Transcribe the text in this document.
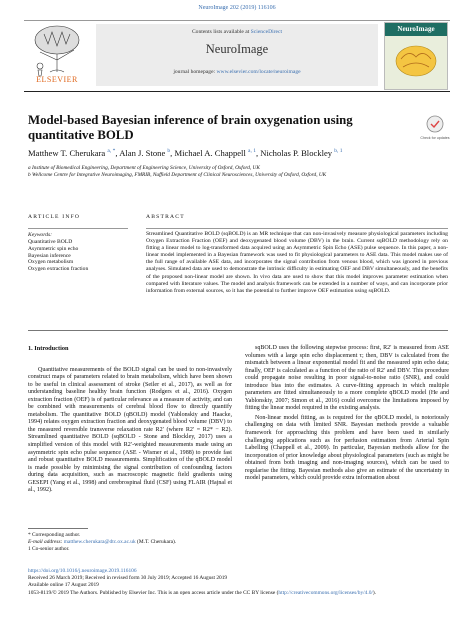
NeuroImage 202 (2019) 116106
ELSEVIER
Contents lists available at ScienceDirect
NeuroImage
journal homepage: www.elsevier.com/locate/neuroimage
NeuroImage
Model-based Bayesian inference of brain oxygenation using quantitative BOLD	Check for updates
Matthew T. Cherukara $^{a, *}$, Alan J. Stone $^b$, Michael A. Chappell $^{a, 1}$, Nicholas P. Blockley $^{b, 1}$
a Institute of Biomedical Engineering, Department of Engineering Science, University of Oxford, Oxford, UK
b Wellcome Centre for Integrative Neuroimaging, FMRIB, Nuffield Department of Clinical Neurosciences, University of Oxford, Oxford, UK
ARTICLE INFO	ABSTRACT
Keywords:
Quantitative BOLD
Asymmetric spin echo
Bayesian inference
Oxygen metabolism
Oxygen extraction fraction
Streamlined Quantitative BOLD (sqBOLD) is an MR technique that can non-invasively measure physiological parameters including Oxygen Extraction Fraction (OEF) and deoxygenated blood volume (DBV) in the brain. Current sqBOLD methodology rely on fitting a linear model to log-transformed data acquired using an Asymmetric Spin Echo (ASE) pulse sequence. In this paper, a non-linear model implemented in a Bayesian framework was used to fit physiological parameters to ASE data. This model makes use of the full range of available ASE data, and incorporates the signal contribution from venous blood, which was ignored in previous analyses. Simulated data are used to demonstrate the intrinsic difficulty in estimating OEF and DBV simultaneously, and the benefits of the proposed non-linear model are shown. In vivo data are used to show that this model improves parameter estimation when compared with literature values. The model and analysis framework can be extended in a number of ways, and can incorporate prior information from external sources, so it has the potential to further improve OEF estimation using sqBOLD.

1. Introduction

Quantitative measurements of the BOLD signal can be used to non-invasively construct maps of parameters related to brain metabolism, which have been shown to be useful in clinical assessment of stroke (Seiler et al., 2017), as well as for understanding baseline healthy brain function (Rodgers et al., 2016). Oxygen extraction fraction (OEF) is of particular relevance as a measure of activity, and can be combined with measurements of cerebral blood flow to directly quantify metabolism. The quantitative BOLD (qBOLD) model (Yablonskiy and Haacke, 1994) relates oxygen extraction fraction and deoxygenated blood volume (DBV) to the measured reversible transverse relaxation rate R2′ (where R2′ = R2* − R2). Streamlined quantitative BOLD (sqBOLD - Stone and Blockley, 2017) uses a simplified version of this model with R2′-weighted measurements made using an asymmetric spin echo pulse sequence (ASE - Wismer et al., 1988) to provide fast and robust quantitative BOLD measurements. Simplification of the qBOLD model is made possible by minimising the signal contribution of confounding factors during data acquisition, such as macroscopic magnetic field gradients using GESEPI (Yang et al., 1998) and cerebrospinal fluid (CSF) using FLAIR (Hajnal et al., 1992).

sqBOLD uses the following stepwise process: first, R2′ is measured from ASE volumes with a large spin echo displacement τ; then, DBV is calculated from the mismatch between a linear exponential model fit and the measured spin echo data; finally, OEF is calculated as a function of the ratio of R2′ and DBV. This procedure could propagate noise resulting in poor signal-to-noise ratio (SNR), and could introduce bias into the estimates. A curve-fitting approach in which multiple parameters are fitted simultaneously to a more complete qBOLD model (He and Yablonskiy, 2007; Simon et al., 2016) could overcome the limitations imposed by fitting the linear model required in the existing analysis.

Non-linear model fitting, as is required for the qBOLD model, is notoriously challenging on data with limited SNR. Bayesian methods provide a valuable framework for approaching this problem and have been used in similarly challenging applications such as for perfusion estimation from Arterial Spin Labelling (Chappell et al., 2009). In particular, Bayesian methods allow for the incorporation of prior knowledge about physiological parameters (such as might be obtained from both imaging and non-imaging sources), which can be used to regularise the fitting. Bayesian methods also give an estimate of the uncertainty in model parameters, which could provide extra information about

* Corresponding author.
E-mail address: matthew.cherukara@dtc.ox.ac.uk (M.T. Cherukara).
1 Co-senior author.
https://doi.org/10.1016/j.neuroimage.2019.116106
Received 26 March 2019; Received in revised form 30 July 2019; Accepted 16 August 2019
Available online 17 August 2019
1053-8119/© 2019 The Authors. Published by Elsevier Inc. This is an open access article under the CC BY license (http://creativecommons.org/licenses/by/4.0/).
